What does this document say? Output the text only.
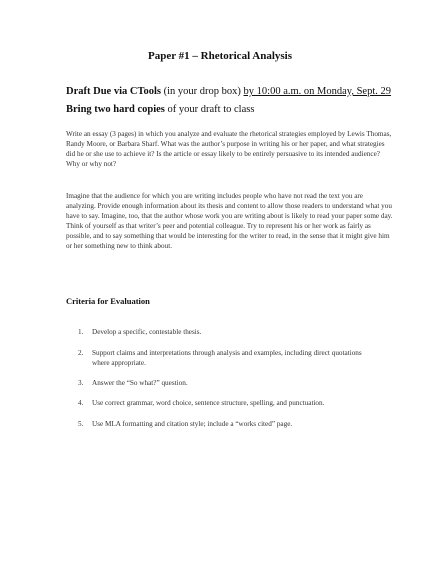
Paper #1 – Rhetorical Analysis
Draft Due via CTools (in your drop box) by 10:00 a.m. on Monday, Sept. 29
Bring two hard copies of your draft to class

Write an essay (3 pages) in which you analyze and evaluate the rhetorical strategies employed by Lewis Thomas, Randy Moore, or Barbara Sharf. What was the author’s purpose in writing his or her paper, and what strategies did he or she use to achieve it? Is the article or essay likely to be entirely persuasive to its intended audience? Why or why not?

Imagine that the audience for which you are writing includes people who have not read the text you are analyzing. Provide enough information about its thesis and content to allow those readers to understand what you have to say. Imagine, too, that the author whose work you are writing about is likely to read your paper some day. Think of yourself as that writer’s peer and potential colleague. Try to represent his or her work as fairly as possible, and to say something that would be interesting for the writer to read, in the sense that it might give him or her something new to think about.

Criteria for Evaluation
1.	Develop a specific, contestable thesis.
2.	Support claims and interpretations through analysis and examples, including direct quotations where appropriate.
3.	Answer the “So what?” question.
4.	Use correct grammar, word choice, sentence structure, spelling, and punctuation.
5.	Use MLA formatting and citation style; include a “works cited” page.
